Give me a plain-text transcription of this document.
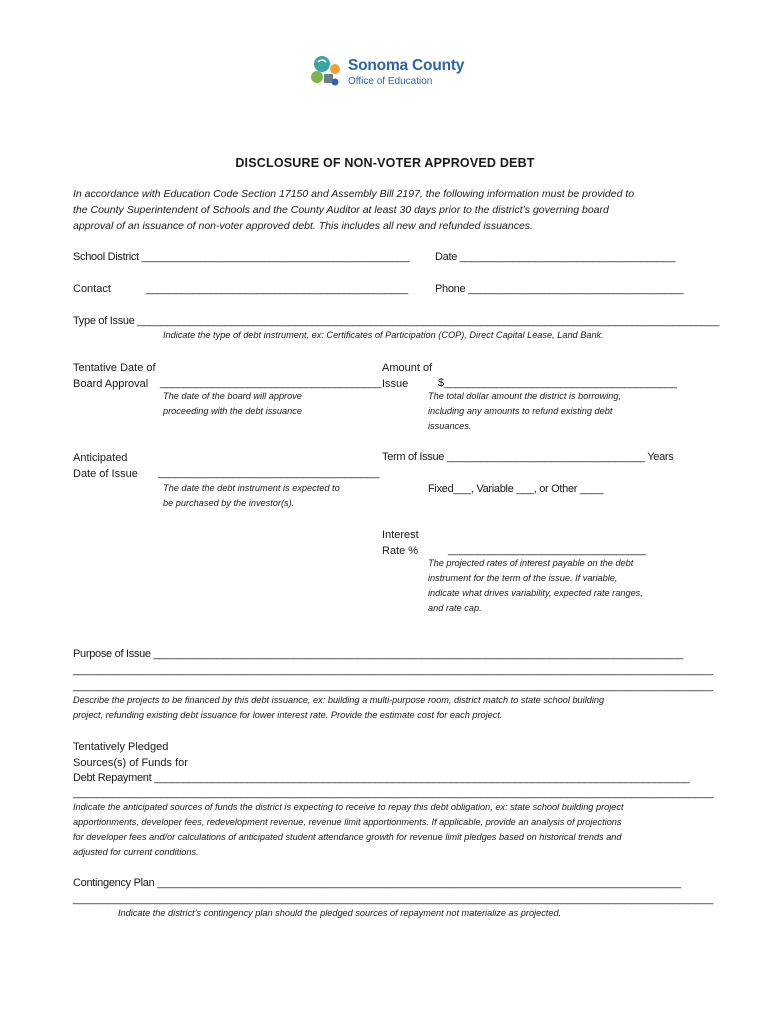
Sonoma County
Office of Education
DISCLOSURE OF NON-VOTER APPROVED DEBT
In accordance with Education Code Section 17150 and Assembly Bill 2197, the following information must be provided to
the County Superintendent of Schools and the County Auditor at least 30 days prior to the district’s governing board
approval of an issuance of non-voter approved debt. This includes all new and refunded issuances.
School District ______________________________________________ Date _____________________________________
Contact	_____________________________________________ Phone _____________________________________
Type of Issue ____________________________________________________________________________________________________
Indicate the type of debt instrument, ex: Certificates of Participation (COP), Direct Capital Lease, Land Bank.
Tentative Date of
Board Approval	______________________________________
The date of the board will approve
proceeding with the debt issuance
Amount of
Issue	$________________________________________
The total dollar amount the district is borrowing,
including any amounts to refund existing debt
issuances.
Anticipated
Date of Issue ______________________________________
The date the debt instrument is expected to
be purchased by the investor(s).
Term of Issue __________________________________ Years
Fixed___, Variable ___, or Other ____
Interest
Rate %	__________________________________
The projected rates of interest payable on the debt
instrument for the term of the issue. If variable,
indicate what drives variability, expected rate ranges,
and rate cap.
Purpose of Issue ___________________________________________________________________________________________
______________________________________________________________________________________________________________
______________________________________________________________________________________________________________
Describe the projects to be financed by this debt issuance, ex: building a multi-purpose room, district match to state school building
project, refunding existing debt issuance for lower interest rate. Provide the estimate cost for each project.
Tentatively Pledged
Sources(s) of Funds for
Debt Repayment ____________________________________________________________________________________________
______________________________________________________________________________________________________________
Indicate the anticipated sources of funds the district is expecting to receive to repay this debt obligation, ex: state school building project
apportionments, developer fees, redevelopment revenue, revenue limit apportionments. If applicable, provide an analysis of projections
for developer fees and/or calculations of anticipated student attendance growth for revenue limit pledges based on historical trends and
adjusted for current conditions.
Contingency Plan __________________________________________________________________________________________
______________________________________________________________________________________________________________
Indicate the district’s contingency plan should the pledged sources of repayment not materialize as projected.
